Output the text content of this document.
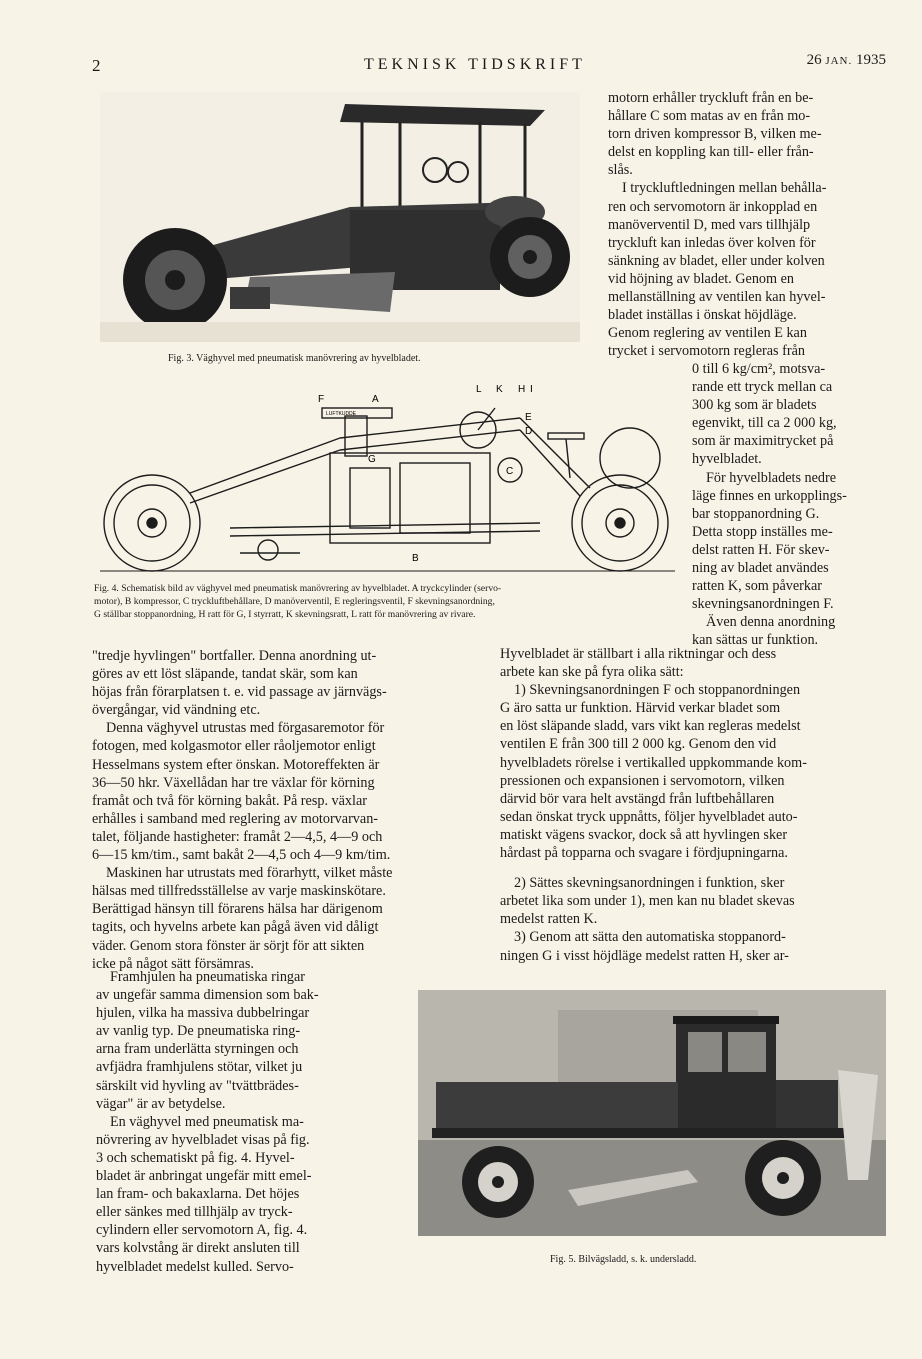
2	TEKNISK TIDSKRIFT	26 JAN. 1935
Fig. 3. Väghyvel med pneumatisk manövrering av hyvelbladet.
L K H I
F	A
E
D
C
G
B
LUFTKUDDE
Fig. 4. Schematisk bild av väghyvel med pneumatisk manövrering av hyvelbladet. A tryckcylinder (servo-
motor), B kompressor, C tryckluftbehållare, D manöverventil, E regleringsventil, F skevningsanordning,
G ställbar stoppanordning, H ratt för G, I styrratt, K skevningsratt, L ratt för manövrering av rivare.

motorn erhåller tryckluft från en be-

hållare C som matas av en från mo-

torn driven kompressor B, vilken me-

delst en koppling kan till- eller från-

slås.

I tryckluftledningen mellan behålla-

ren och servomotorn är inkopplad en

manöverventil D, med vars tillhjälp

tryckluft kan inledas över kolven för

sänkning av bladet, eller under kolven

vid höjning av bladet. Genom en

mellanställning av ventilen kan hyvel-

bladet inställas i önskat höjdläge.

Genom reglering av ventilen E kan

trycket i servomotorn regleras från

0 till 6 kg/cm², motsva-

rande ett tryck mellan ca

300 kg som är bladets

egenvikt, till ca 2 000 kg,

som är maximitrycket på

hyvelbladet.

För hyvelbladets nedre

läge finnes en urkopplings-

bar stoppanordning G.

Detta stopp inställes me-

delst ratten H. För skev-

ning av bladet användes

ratten K, som påverkar

skevningsanordningen F.

Även denna anordning

kan sättas ur funktion.

Hyvelbladet är ställbart i alla riktningar och dess

arbete kan ske på fyra olika sätt:

1) Skevningsanordningen F och stoppanordningen

G äro satta ur funktion. Härvid verkar bladet som

en löst släpande sladd, vars vikt kan regleras medelst

ventilen E från 300 till 2 000 kg. Genom den vid

hyvelbladets rörelse i vertikalled uppkommande kom-

pressionen och expansionen i servomotorn, vilken

därvid bör vara helt avstängd från luftbehållaren

sedan önskat tryck uppnåtts, följer hyvelbladet auto-

matiskt vägens svackor, dock så att hyvlingen sker

hårdast på topparna och svagare i fördjupningarna.

2) Sättes skevningsanordningen i funktion, sker

arbetet lika som under 1), men kan nu bladet skevas

medelst ratten K.

3) Genom att sätta den automatiska stoppanord-

ningen G i visst höjdläge medelst ratten H, sker ar-

"tredje hyvlingen" bortfaller. Denna anordning ut-

göres av ett löst släpande, tandat skär, som kan

höjas från förarplatsen t. e. vid passage av järnvägs-

övergångar, vid vändning etc.

Denna väghyvel utrustas med förgasaremotor för

fotogen, med kolgasmotor eller råoljemotor enligt

Hesselmans system efter önskan. Motoreffekten är

36—50 hkr. Växellådan har tre växlar för körning

framåt och två för körning bakåt. På resp. växlar

erhålles i samband med reglering av motorvarvan-

talet, följande hastigheter: framåt 2—4,5, 4—9 och

6—15 km/tim., samt bakåt 2—4,5 och 4—9 km/tim.

Maskinen har utrustats med förarhytt, vilket måste

hälsas med tillfredsställelse av varje maskinskötare.

Berättigad hänsyn till förarens hälsa har därigenom

tagits, och hyvelns arbete kan pågå även vid dåligt

väder. Genom stora fönster är sörjt för att sikten

icke på något sätt försämras.

Framhjulen ha pneumatiska ringar

av ungefär samma dimension som bak-

hjulen, vilka ha massiva dubbelringar

av vanlig typ. De pneumatiska ring-

arna fram underlätta styrningen och

avfjädra framhjulens stötar, vilket ju

särskilt vid hyvling av "tvättbrädes-

vägar" är av betydelse.

En väghyvel med pneumatisk ma-

növrering av hyvelbladet visas på fig.

3 och schematiskt på fig. 4. Hyvel-

bladet är anbringat ungefär mitt emel-

lan fram- och bakaxlarna. Det höjes

eller sänkes med tillhjälp av tryck-

cylindern eller servomotorn A, fig. 4.

vars kolvstång är direkt ansluten till

hyvelbladet medelst kulled. Servo-	Fig. 5. Bilvägsladd, s. k. undersladd.
